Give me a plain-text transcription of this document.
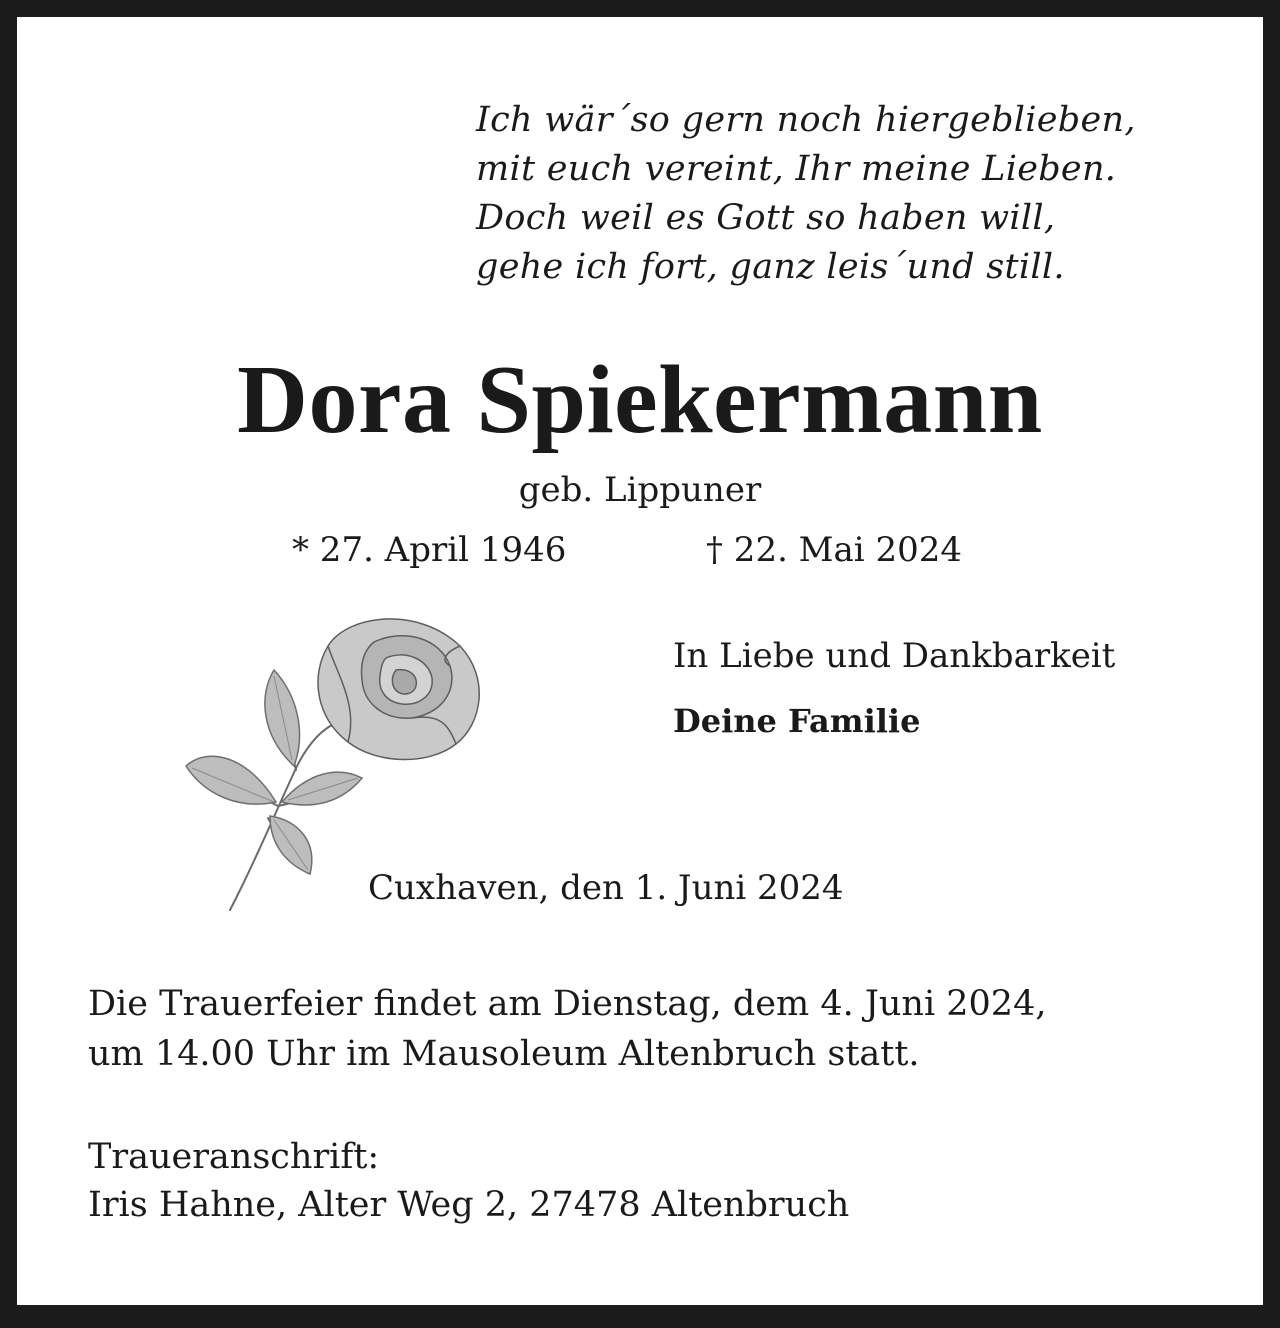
Ich wär´so gern noch hiergeblieben,
mit euch vereint, Ihr meine Lieben.
Doch weil es Gott so haben will,
gehe ich fort, ganz leis´und still.
Dora Spiekermann
geb. Lippuner
* 27. April 1946	† 22. Mai 2024
In Liebe und Dankbarkeit
Deine Familie
Cuxhaven, den 1. Juni 2024
Die Trauerfeier findet am Dienstag, dem 4. Juni 2024,
um 14.00 Uhr im Mausoleum Altenbruch statt.
Traueranschrift:
Iris Hahne, Alter Weg 2, 27478 Altenbruch
